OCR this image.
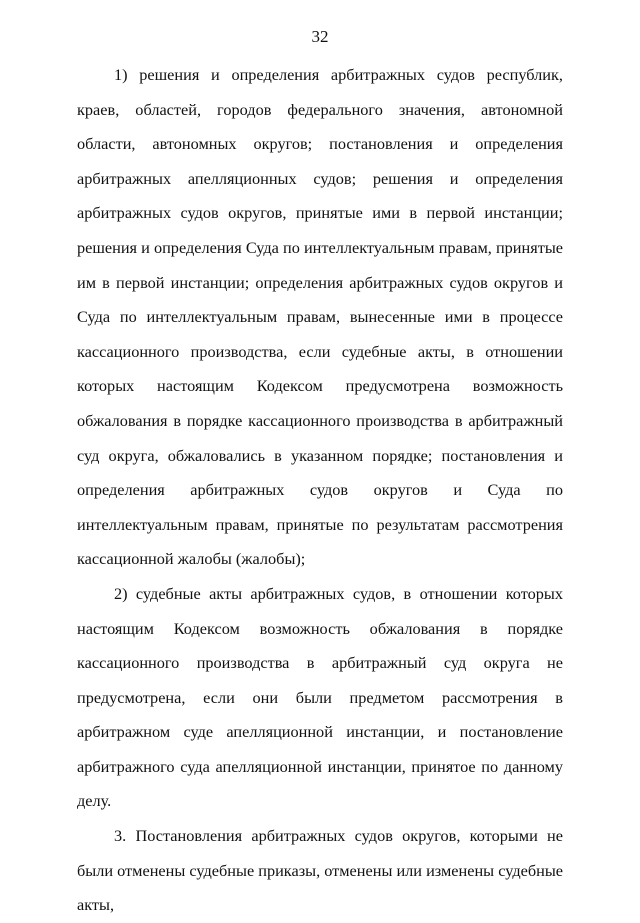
32

1) решения и определения арбитражных судов республик, краев, областей, городов федерального значения, автономной области, автономных округов; постановления и определения арбитражных апелляционных судов; решения и определения арбитражных судов округов, принятые ими в первой инстанции; решения и определения Суда по интеллектуальным правам, принятые им в первой инстанции; определения арбитражных судов округов и Суда по интеллектуальным правам, вынесенные ими в процессе кассационного производства, если судебные акты, в отношении которых настоящим Кодексом предусмотрена возможность обжалования в порядке кассационного производства в арбитражный суд округа, обжаловались в указанном порядке; постановления и определения арбитражных судов округов и Суда по интеллектуальным правам, принятые по результатам рассмотрения кассационной жалобы (жалобы);

2) судебные акты арбитражных судов, в отношении которых настоящим Кодексом возможность обжалования в порядке кассационного производства в арбитражный суд округа не предусмотрена, если они были предметом рассмотрения в арбитражном суде апелляционной инстанции, и постановление арбитражного суда апелляционной инстанции, принятое по данному делу.

3. Постановления арбитражных судов округов, которыми не были отменены судебные приказы, отменены или изменены судебные акты,
